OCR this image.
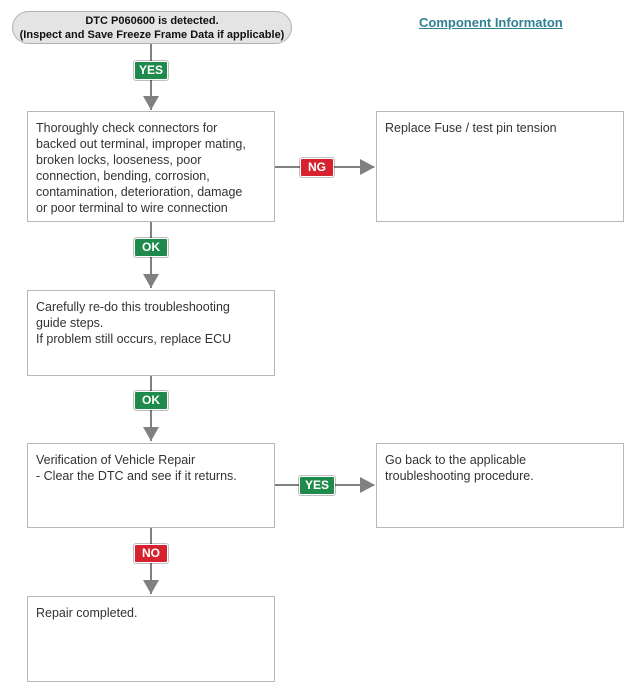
DTC P060600 is detected.
(Inspect and Save Freeze Frame Data if applicable)
Component Informaton
YES
Thoroughly check connectors for
backed out terminal, improper mating,
broken locks, looseness, poor
connection, bending, corrosion,
contamination, deterioration, damage
or poor terminal to wire connection
NG
Replace Fuse / test pin tension
OK
Carefully re-do this troubleshooting
guide steps.
If problem still occurs, replace ECU
OK
Verification of Vehicle Repair
- Clear the DTC and see if it returns.
YES
Go back to the applicable
troubleshooting procedure.
NO
Repair completed.
